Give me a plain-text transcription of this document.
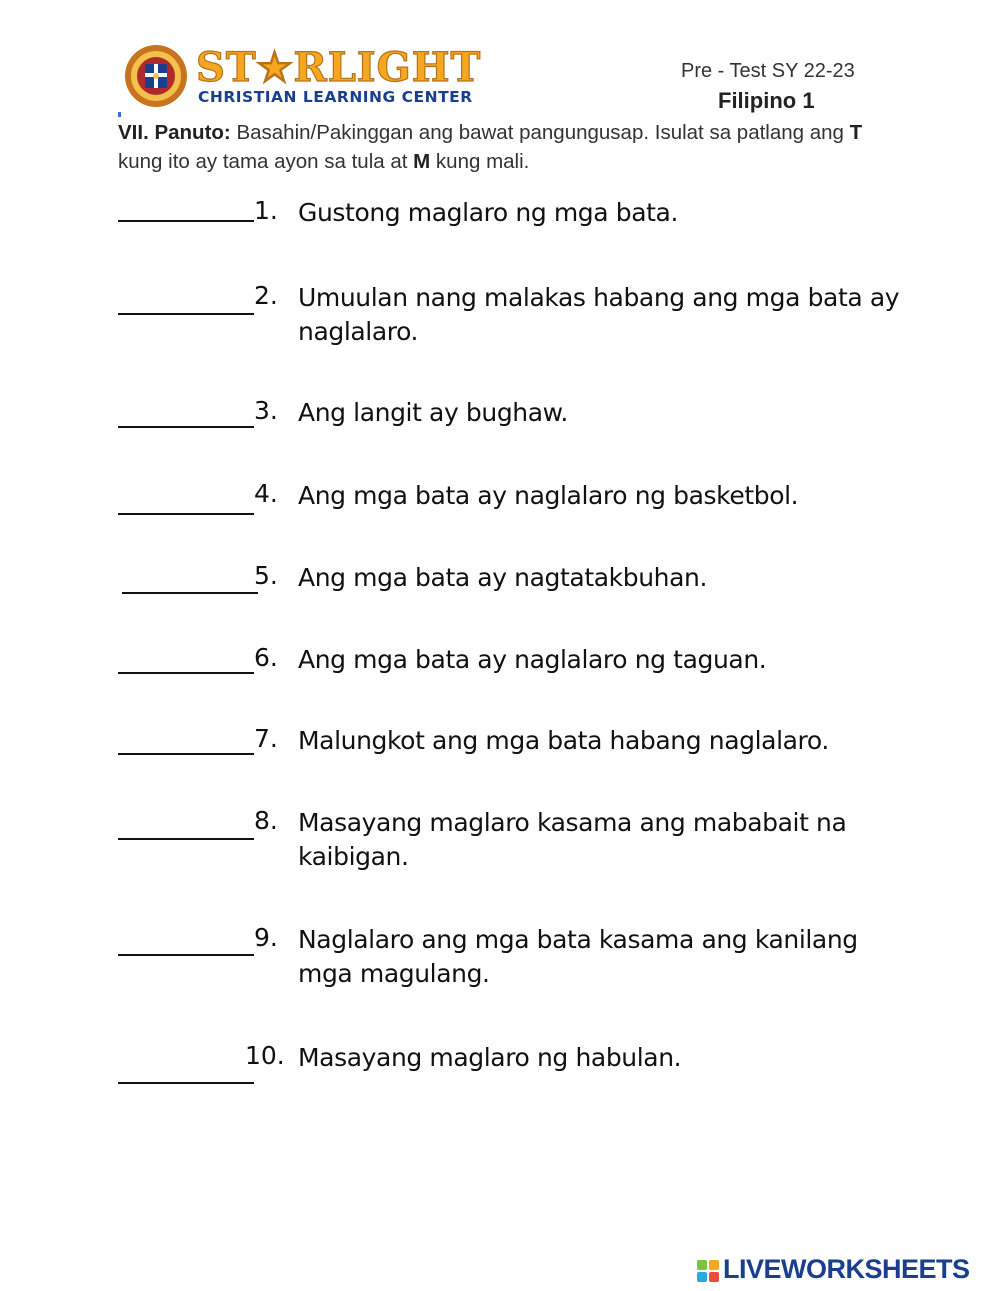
ST★RLIGHT
CHRISTIAN LEARNING CENTER
Pre - Test SY 22-23
Filipino 1
VII. Panuto: Basahin/Pakinggan ang bawat pangungusap. Isulat sa patlang ang T kung ito ay tama ayon sa tula at M kung mali.
1. Gustong maglaro ng mga bata.
2. Umuulan nang malakas habang ang mga bata ay naglalaro.
3. Ang langit ay bughaw.
4. Ang mga bata ay naglalaro ng basketbol.
5. Ang mga bata ay nagtatakbuhan.
6. Ang mga bata ay naglalaro ng taguan.
7. Malungkot ang mga bata habang naglalaro.
8. Masayang maglaro kasama ang mababait na kaibigan.
9. Naglalaro ang mga bata kasama ang kanilang mga magulang.
10. Masayang maglaro ng habulan.
LIVEWORKSHEETS
